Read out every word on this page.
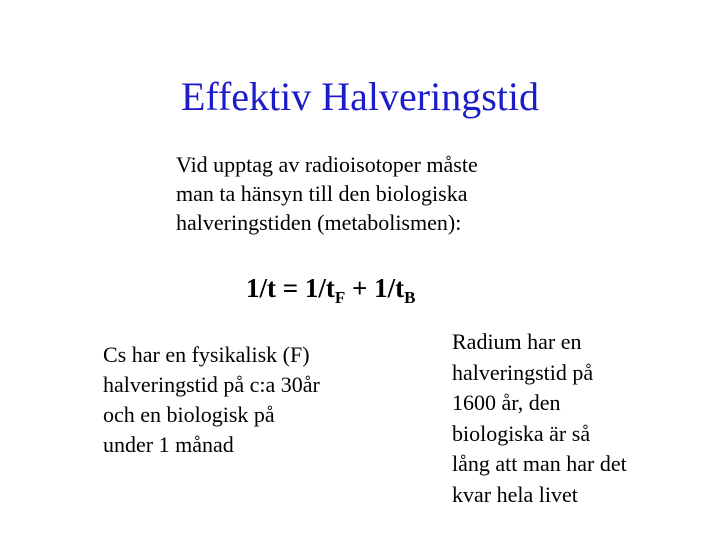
Effektiv Halveringstid
Vid upptag av radioisotoper måste
man ta hänsyn till den biologiska
halveringstiden (metabolismen):
$1/t = 1/t_F + 1/t_B$
Cs har en fysikalisk (F)
halveringstid på c:a 30år
och en biologisk på
under 1 månad
Radium har en
halveringstid på
1600 år, den
biologiska är så
lång att man har det
kvar hela livet
